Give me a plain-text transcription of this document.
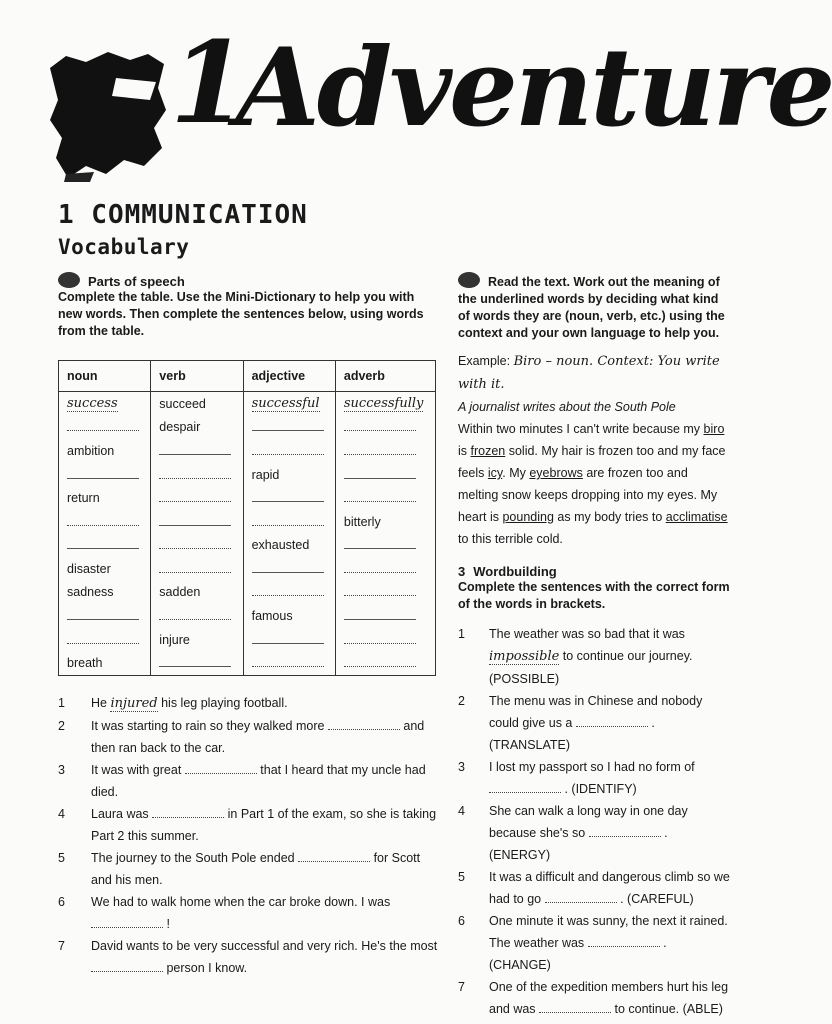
1
Adventure
1 COMMUNICATION
Vocabulary
Parts of speech
Complete the table. Use the Mini-Dictionary to help you with new words. Then complete the sentences below, using words from the table.
noun	verb	adjective	adverb
success	succeed	successful	successfully
	despair		
ambition			
		rapid	
return			
			bitterly
		exhausted	
disaster			
sadness	sadden		
		famous	
	injure		
breath			
1	He injured his leg playing football.
2	It was starting to rain so they walked more	and then ran back to the car.
3	It was with great	that I heard that my uncle had died.
4	Laura was	in Part 1 of the exam, so she is taking Part 2 this summer.
5	The journey to the South Pole ended	for Scott and his men.
6	We had to walk home when the car broke down. I was  !
7	David wants to be very successful and very rich. He's the most  person I know.
Read the text. Work out the meaning of the underlined words by deciding what kind of words they are (noun, verb, etc.) using the context and your own language to help you.
Example: Biro – noun. Context: You write with it.
A journalist writes about the South Pole
Within two minutes I can't write because my biro is frozen solid. My hair is frozen too and my face feels icy. My eyebrows are frozen too and melting snow keeps dropping into my eyes. My heart is pounding as my body tries to acclimatise to this terrible cold.
3 Wordbuilding
Complete the sentences with the correct form of the words in brackets.
1	The weather was so bad that it was impossible to continue our journey. (POSSIBLE)
2	The menu was in Chinese and nobody could give us a	. (TRANSLATE)
3	I lost my passport so I had no form of  . (IDENTIFY)
4	She can walk a long way in one day because she's so	. (ENERGY)
5	It was a difficult and dangerous climb so we had to go	. (CAREFUL)
6	One minute it was sunny, the next it rained. The weather was	. (CHANGE)
7	One of the expedition members hurt his leg and was	to continue. (ABLE)
